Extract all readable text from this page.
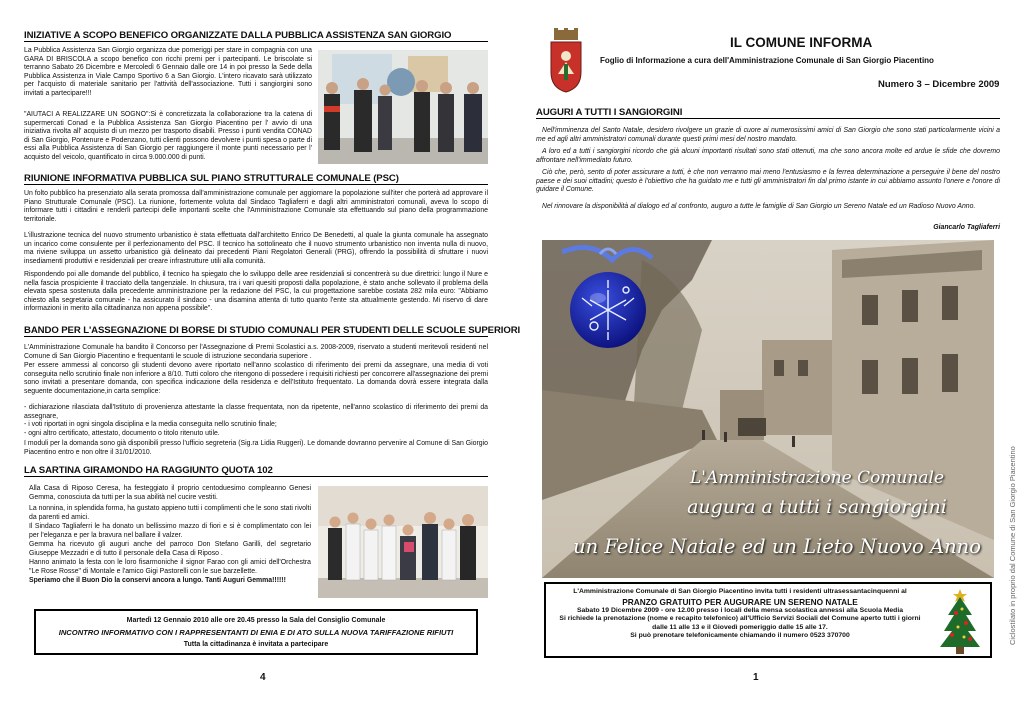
INIZIATIVE A SCOPO BENEFICO ORGANIZZATE DALLA PUBBLICA ASSISTENZA SAN GIORGIO
La Pubblica Assistenza San Giorgio organizza due pomeriggi per stare in compagnia con una GARA DI BRISCOLA a scopo benefico con ricchi premi per i partecipanti. Le briscolate si terranno Sabato 26 Dicembre e Mercoledì 6 Gennaio dalle ore 14 in poi presso la Sede della Pubblica Assistenza in Viale Campo Sportivo 6 a San Giorgio. L'intero ricavato sarà utilizzato per l'acquisto di materiale sanitario per l'attività dell'associazione. Tutti i sangiorgini sono invitati a partecipare!!!
"AIUTACI A REALIZZARE UN SOGNO":Si è concretizzata la collaborazione tra la catena di supermercati Conad e la Pubblica Assistenza San Giorgio Piacentino per l' avvio di una iniziativa rivolta all' acquisto di un mezzo per trasporto disabili. Presso i punti vendita CONAD di San Giorgio, Pontenure e Podenzano, tutti clienti possono devolvere i punti spesa o parte di essi alla Pubblica Assistenza di San Giorgio per raggiungere il monte punti necessario per l' acquisto del veicolo, quantificato in circa 9.000.000 di punti.
RIUNIONE INFORMATIVA PUBBLICA SUL PIANO STRUTTURALE COMUNALE (PSC)
Un folto pubblico ha presenziato alla serata promossa dall'amministrazione comunale per aggiornare la popolazione sull'iter che porterà ad approvare il Piano Strutturale Comunale (PSC). La riunione, fortemente voluta dal Sindaco Tagliaferri e dagli altri amministratori comunali, aveva lo scopo di informare tutti i cittadini e renderli partecipi delle importanti scelte che l'Amministrazione Comunale sta effettuando sul piano della programmazione territoriale.
L'illustrazione tecnica del nuovo strumento urbanistico è stata effettuata dall'architetto Enrico De Benedetti, al quale la giunta comunale ha assegnato un incarico come consulente per il perfezionamento del PSC. Il tecnico ha sottolineato che il nuovo strumento urbanistico non inventa nulla di nuovo, ma riviene sviluppa un assetto urbanistico già delineato dai precedenti Piani Regolatori Generali (PRG), offrendo la possibilità di sfruttare i nuovi insediamenti produttivi e residenziali per creare infrastrutture utili alla comunità.
Rispondendo poi alle domande del pubblico, il tecnico ha spiegato che lo sviluppo delle aree residenziali si concentrerà su due direttrici: lungo il Nure e nella fascia prospiciente il tracciato della tangenziale. In chiusura, tra i vari quesiti proposti dalla popolazione, è stato anche sollevato il problema della elevata spesa sostenuta dalla precedente amministrazione per la redazione del PSC, la cui progettazione sarebbe costata 282 mila euro: "Abbiamo chiesto alla segretaria comunale - ha assicurato il sindaco - una disamina attenta di tutto quanto l'ente sta attualmente gestendo. Mi riservo di dare informazioni in merito alla cittadinanza non appena possibile".
BANDO PER L'ASSEGNAZIONE DI BORSE DI STUDIO COMUNALI PER STUDENTI DELLE SCUOLE SUPERIORI
L'Amministrazione Comunale ha bandito il Concorso per l'Assegnazione di Premi Scolastici a.s. 2008-2009, riservato a studenti meritevoli residenti nel Comune di San Giorgio Piacentino e frequentanti le scuole di istruzione secondaria superiore .
Per essere ammessi al concorso gli studenti devono avere riportato nell'anno scolastico di riferimento dei premi da assegnare, una media di voti conseguita nello scrutinio finale non inferiore a 8/10. Tutti coloro che ritengono di possedere i requisiti richiesti per concorrere all'assegnazione dei premi sono invitati a presentare domanda, con specifica indicazione della residenza e dell'Istituto frequentato. La domanda dovrà essere integrata dalla seguente documentazione,in carta semplice:
- dichiarazione rilasciata dall'Istituto di provenienza attestante la classe frequentata, non da ripetente, nell'anno scolastico di riferimento dei premi da assegnare,
- i voti riportati in ogni singola disciplina e la media conseguita nello scrutinio finale;
- ogni altro certificato, attestato, documento o titolo ritenuto utile.
I moduli per la domanda sono già disponibili presso l'ufficio segreteria (Sig.ra Lidia Ruggeri). Le domande dovranno pervenire al Comune di San Giorgio Piacentino entro e non oltre il 31/01/2010.
LA SARTINA GIRAMONDO HA RAGGIUNTO QUOTA 102
Alla Casa di Riposo Ceresa, ha festeggiato il proprio centoduesimo compleanno Genesi Gemma, conosciuta da tutti per la sua abilità nel cucire vestiti.
La nonnina, in splendida forma, ha gustato appieno tutti i complimenti che le sono stati rivolti da parenti ed amici.
Il Sindaco Tagliaferri le ha donato un bellissimo mazzo di fiori e si è complimentato con lei per l'eleganza e per la bravura nel ballare il valzer.
Gemma ha ricevuto gli auguri anche del parroco Don Stefano Garilli, del segretario Giuseppe Mezzadri e di tutto il personale della Casa di Riposo .
Hanno animato la festa con le loro fisarmoniche il signor Farao con gli amici dell'Orchestra "Le Rose Rosse" di Montale e l'amico Gigi Pastorelli con le sue barzellette.
Speriamo che il Buon Dio la conservi ancora a lungo. Tanti Auguri Gemma!!!!!!
Martedì 12 Gennaio 2010 alle ore 20.45 presso la Sala del Consiglio Comunale
INCONTRO INFORMATIVO CON I RAPPRESENTANTI DI ENIA E DI ATO SULLA NUOVA TARIFFAZIONE RIFIUTI
Tutta la cittadinanza è invitata a partecipare
4
IL COMUNE INFORMA
Foglio di Informazione a cura dell'Amministrazione Comunale di San Giorgio Piacentino
Numero 3 – Dicembre 2009
AUGURI A TUTTI I SANGIORGINI
Nell'imminenza del Santo Natale, desidero rivolgere un grazie di cuore ai numerosissimi amici di San Giorgio che sono stati particolarmente vicini a me ed agli altri amministratori comunali durante questi primi mesi del nostro mandato.
A loro ed a tutti i sangiorgini ricordo che già alcuni importanti risultati sono stati ottenuti, ma che sono ancora molte ed ardue le sfide che dovremo affrontare nell'immediato futuro.
Ciò che, però, sento di poter assicurare a tutti, è che non verranno mai meno l'entusiasmo e la ferrea determinazione a perseguire il bene del nostro paese e dei suoi cittadini; questo è l'obiettivo che ha guidato me e tutti gli amministratori fin dal primo istante in cui abbiamo assunto l'onere e l'onore di guidare il Comune.
Nel rinnovare la disponibilità al dialogo ed al confronto, auguro a tutte le famiglie di San Giorgio un Sereno Natale ed un Radioso Nuovo Anno.
Giancarlo Tagliaferri
L'Amministrazione Comunale
augura a tutti i sangiorgini
un Felice Natale ed un Lieto Nuovo Anno	Ciclostilato in proprio dal Comune di San Giorgio Piacentino
L'Amministrazione Comunale di San Giorgio Piacentino invita tutti i residenti ultrasessantacinquenni al
PRANZO GRATUITO PER AUGURARE UN SERENO NATALE
Sabato 19 Dicembre 2009 - ore 12.00 presso i locali della mensa scolastica annessi alla Scuola Media
Si richiede la prenotazione (nome e recapito telefonico) all'Ufficio Servizi Sociali del Comune aperto tutti i giorni dalle 11 alle 13 e il Giovedì pomeriggio dalle 15 alle 17.
Si può prenotare telefonicamente chiamando il numero 0523 370700
1
